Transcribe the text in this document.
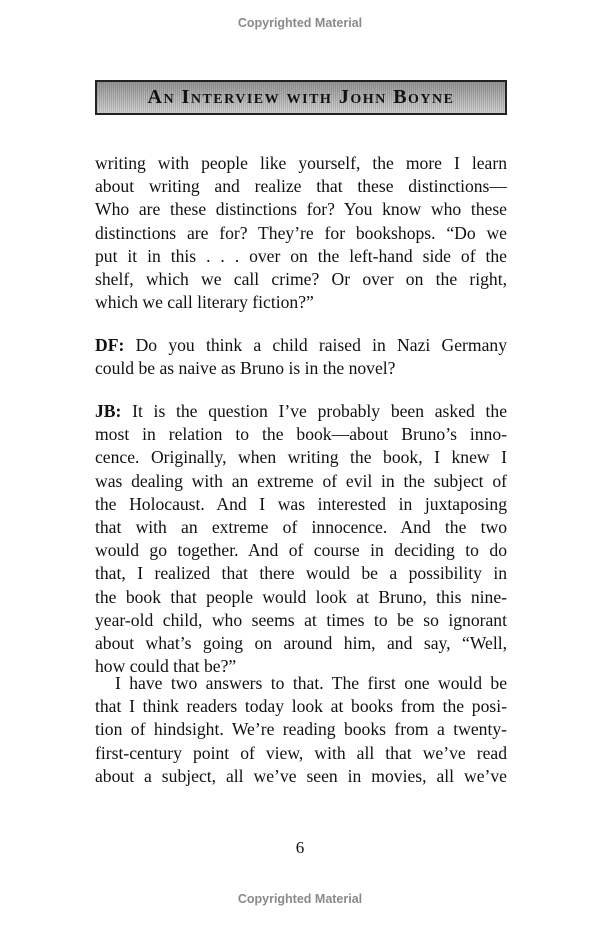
Copyrighted Material
An Interview with John Boyne
writing with people like yourself, the more I learn
about writing and realize that these distinctions—
Who are these distinctions for? You know who these
distinctions are for? They’re for bookshops. “Do we
put it in this . . . over on the left-hand side of the
shelf, which we call crime? Or over on the right,
which we call literary fiction?”
DF: Do you think a child raised in Nazi Germany
could be as naive as Bruno is in the novel?
JB: It is the question I’ve probably been asked the
most in relation to the book—about Bruno’s inno-
cence. Originally, when writing the book, I knew I
was dealing with an extreme of evil in the subject of
the Holocaust. And I was interested in juxtaposing
that with an extreme of innocence. And the two
would go together. And of course in deciding to do
that, I realized that there would be a possibility in
the book that people would look at Bruno, this nine-
year-old child, who seems at times to be so ignorant
about what’s going on around him, and say, “Well,
how could that be?”
I have two answers to that. The first one would be
that I think readers today look at books from the posi-
tion of hindsight. We’re reading books from a twenty-
first-century point of view, with all that we’ve read
about a subject, all we’ve seen in movies, all we’ve
6
Copyrighted Material
